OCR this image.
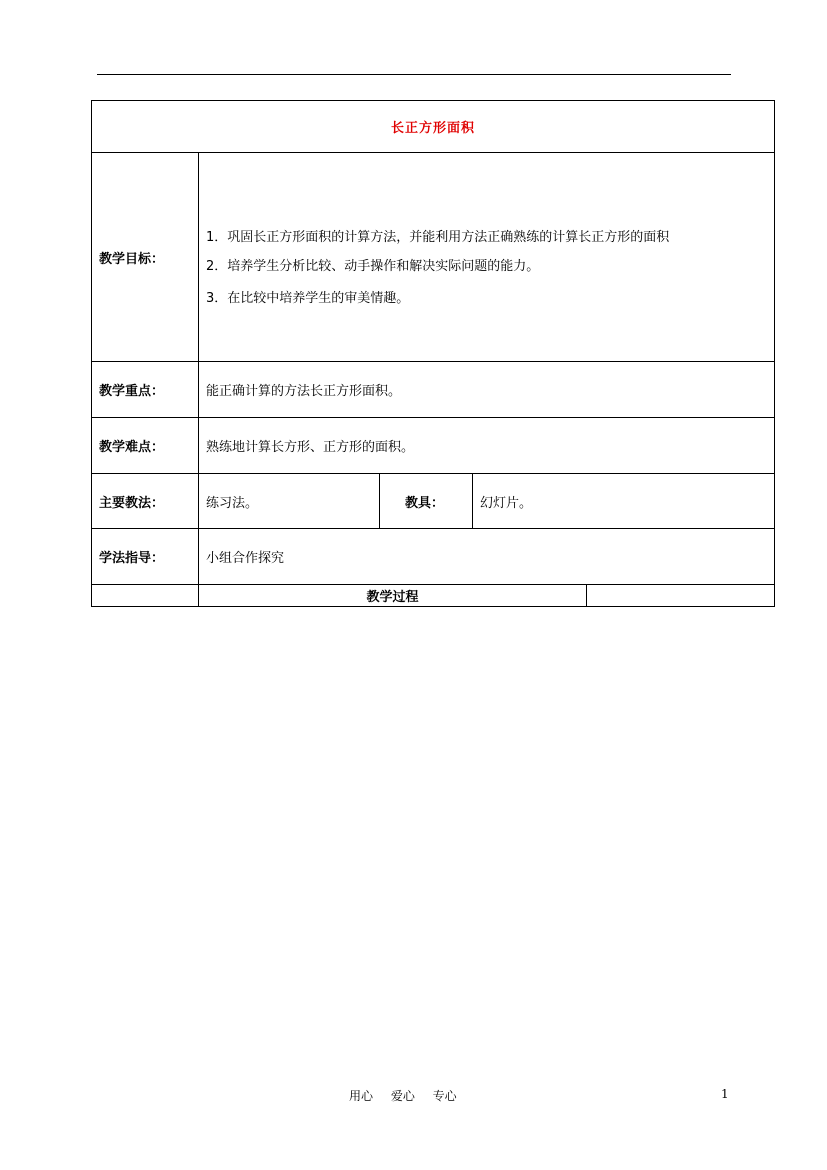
长正方形面积				
教学目标：	1．巩固长正方形面积的计算方法，并能利用方法正确熟练的计算长正方形的面积

2．培养学生分析比较、动手操作和解决实际问题的能力。

3．在比较中培养学生的审美情趣。			

教学重点：	能正确计算的方法长正方形面积。			
教学难点：	熟练地计算长方形、正方形的面积。			
主要教法：	练习法。	教具：	幻灯片。	
学法指导：	小组合作探究			
	教学过程			
用心 爱心 专心	1
